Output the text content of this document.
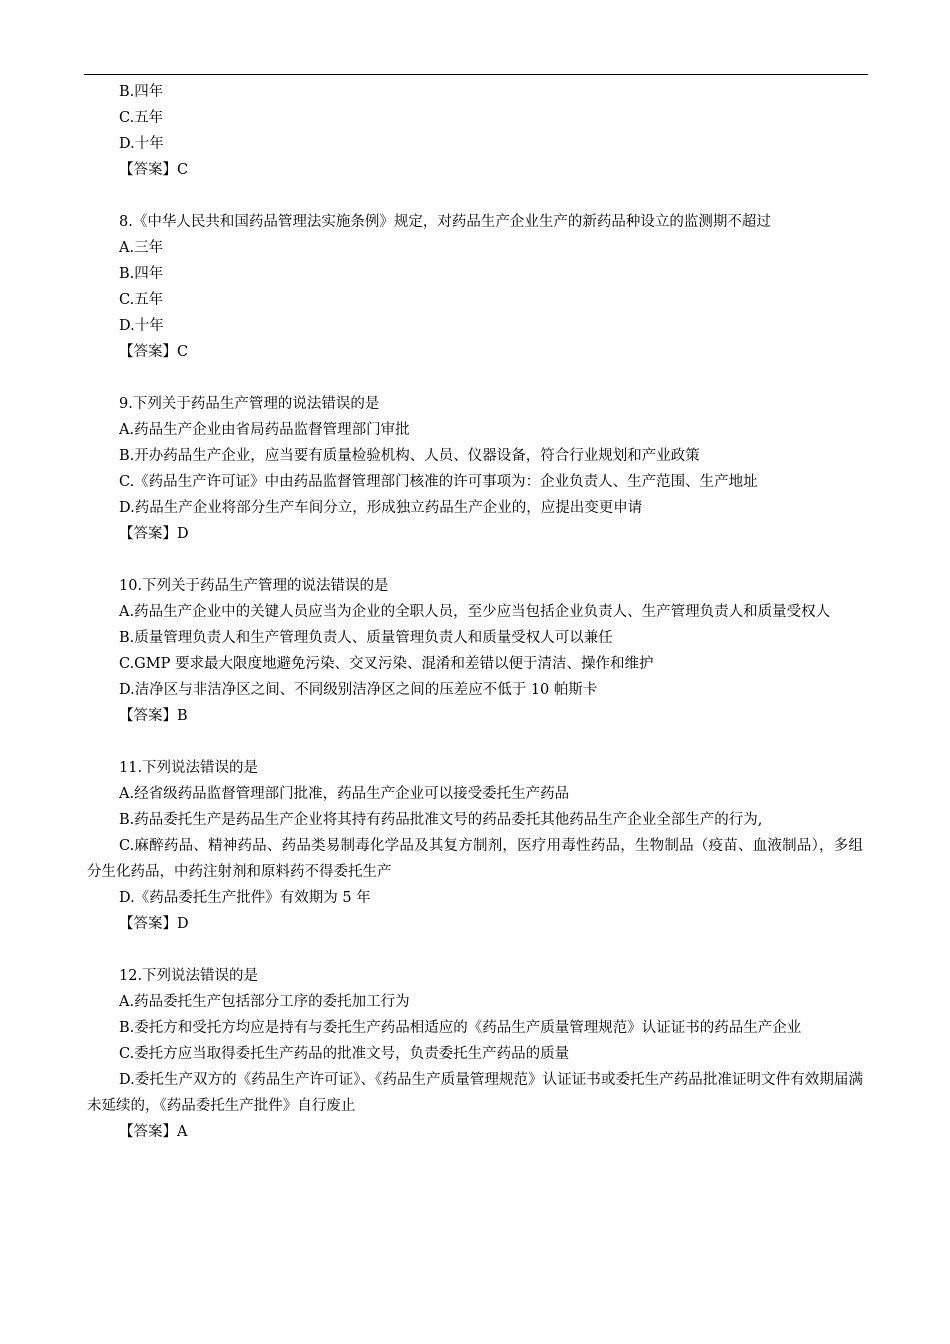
B.四年

C.五年

D.十年

【答案】C

8.《中华人民共和国药品管理法实施条例》规定，对药品生产企业生产的新药品种设立的监测期不超过

A.三年

B.四年

C.五年

D.十年

【答案】C

9.下列关于药品生产管理的说法错误的是

A.药品生产企业由省局药品监督管理部门审批

B.开办药品生产企业，应当要有质量检验机构、人员、仪器设备，符合行业规划和产业政策

C.《药品生产许可证》中由药品监督管理部门核准的许可事项为：企业负责人、生产范围、生产地址

D.药品生产企业将部分生产车间分立，形成独立药品生产企业的，应提出变更申请

【答案】D

10.下列关于药品生产管理的说法错误的是

A.药品生产企业中的关键人员应当为企业的全职人员，至少应当包括企业负责人、生产管理负责人和质量受权人

B.质量管理负责人和生产管理负责人、质量管理负责人和质量受权人可以兼任

C.GMP 要求最大限度地避免污染、交叉污染、混淆和差错以便于清洁、操作和维护

D.洁净区与非洁净区之间、不同级别洁净区之间的压差应不低于 10 帕斯卡

【答案】B

11.下列说法错误的是

A.经省级药品监督管理部门批准，药品生产企业可以接受委托生产药品

B.药品委托生产是药品生产企业将其持有药品批准文号的药品委托其他药品生产企业全部生产的行为,

C.麻醉药品、精神药品、药品类易制毒化学品及其复方制剂，医疗用毒性药品，生物制品（疫苗、血液制品），多组分生化药品，中药注射剂和原料药不得委托生产

D.《药品委托生产批件》有效期为 5 年

【答案】D

12.下列说法错误的是

A.药品委托生产包括部分工序的委托加工行为

B.委托方和受托方均应是持有与委托生产药品相适应的《药品生产质量管理规范》认证证书的药品生产企业

C.委托方应当取得委托生产药品的批准文号，负责委托生产药品的质量

D.委托生产双方的《药品生产许可证》、《药品生产质量管理规范》认证证书或委托生产药品批准证明文件有效期届满未延续的，《药品委托生产批件》自行废止

【答案】A
